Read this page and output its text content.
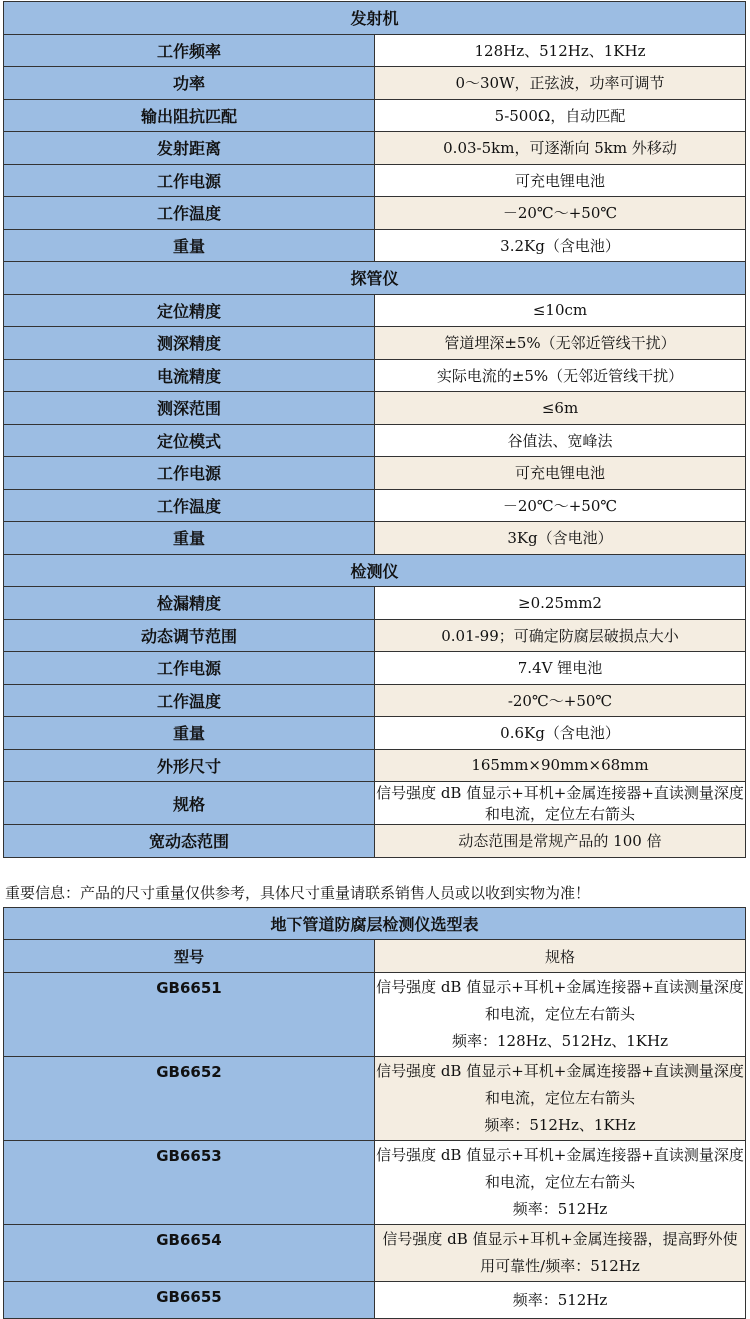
发射机	
工作频率	128Hz、512Hz、1KHz
功率	0～30W，正弦波，功率可调节
输出阻抗匹配	5-500Ω，自动匹配
发射距离	0.03-5km，可逐渐向 5km 外移动
工作电源	可充电锂电池
工作温度	－20℃～+50℃
重量	3.2Kg（含电池）
探管仪	
定位精度	≤10cm
测深精度	管道埋深±5%（无邻近管线干扰）
电流精度	实际电流的±5%（无邻近管线干扰）
测深范围	≤6m
定位模式	谷值法、宽峰法
工作电源	可充电锂电池
工作温度	－20℃～+50℃
重量	3Kg（含电池）
检测仪	
检漏精度	≥0.25mm2
动态调节范围	0.01-99；可确定防腐层破损点大小
工作电源	7.4V 锂电池
工作温度	-20℃～+50℃
重量	0.6Kg（含电池）
外形尺寸	165mm×90mm×68mm
规格	信号强度 dB 值显示+耳机+金属连接器+直读测量深度和电流，定位左右箭头
宽动态范围	动态范围是常规产品的 100 倍
重要信息：产品的尺寸重量仅供参考，具体尺寸重量请联系销售人员或以收到实物为准！
地下管道防腐层检测仪选型表	
型号	规格
GB6651	信号强度 dB 值显示+耳机+金属连接器+直读测量深度和电流，定位左右箭头
频率：128Hz、512Hz、1KHz

GB6652	信号强度 dB 值显示+耳机+金属连接器+直读测量深度和电流，定位左右箭头
频率：512Hz、1KHz

GB6653	信号强度 dB 值显示+耳机+金属连接器+直读测量深度和电流，定位左右箭头
频率：512Hz

GB6654	信号强度 dB 值显示+耳机+金属连接器，提高野外使用可靠性/频率：512Hz

GB6655	频率：512Hz
